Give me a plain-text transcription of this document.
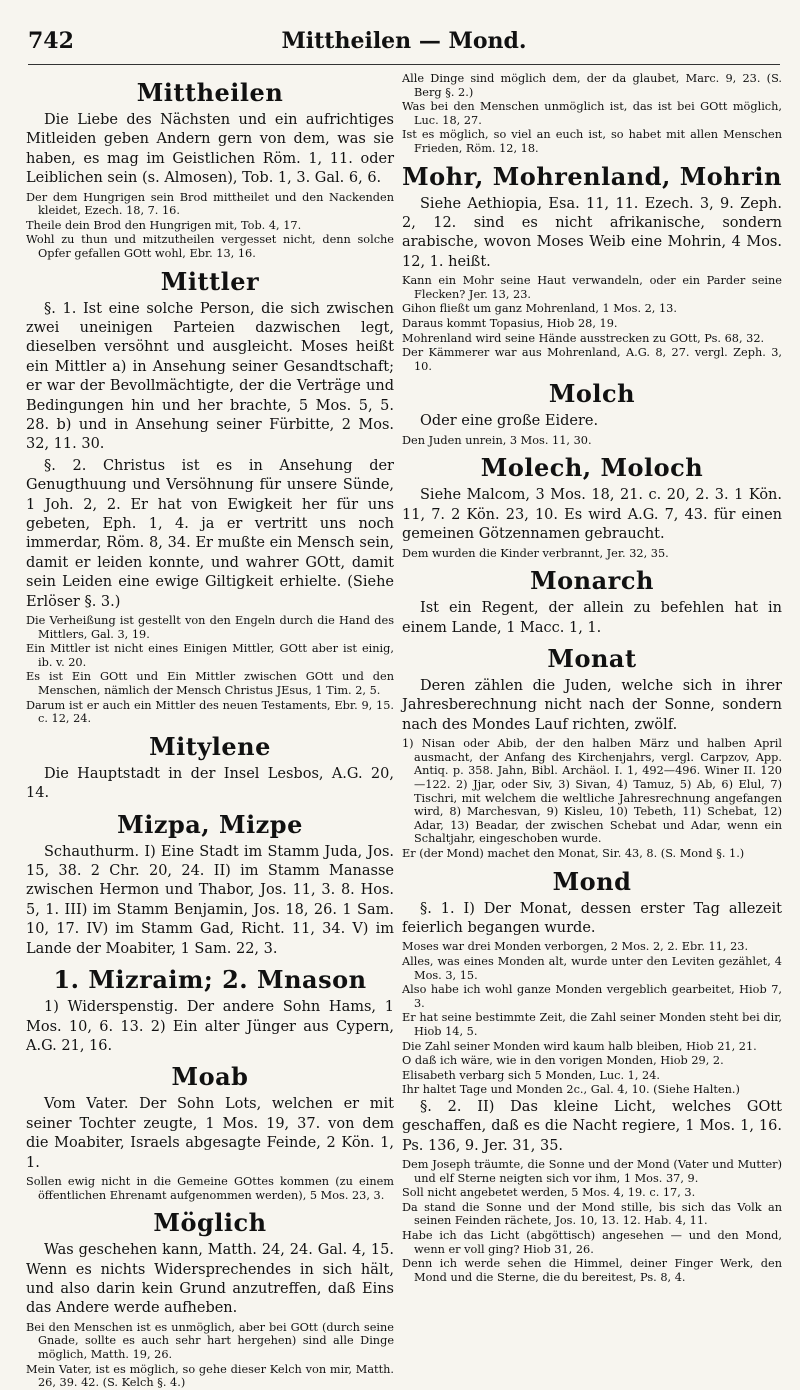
742	Mittheilen — Mond.
Mittheilen

Die Liebe des Nächsten und ein aufrichtiges Mitleiden geben Andern gern von dem, was sie haben, es mag im Geistlichen Röm. 1, 11. oder Leiblichen sein (s. Almosen), Tob. 1, 3. Gal. 6, 6.

Der dem Hungrigen sein Brod mittheilet und den Nackenden kleidet, Ezech. 18, 7. 16.

Theile dein Brod den Hungrigen mit, Tob. 4, 17.

Wohl zu thun und mitzutheilen vergesset nicht, denn solche Opfer gefallen GOtt wohl, Ebr. 13, 16.

Mittler

§. 1. Ist eine solche Person, die sich zwischen zwei uneinigen Parteien dazwischen legt, dieselben versöhnt und ausgleicht. Moses heißt ein Mittler a) in Ansehung seiner Gesandtschaft; er war der Bevollmächtigte, der die Verträge und Bedingungen hin und her brachte, 5 Mos. 5, 5. 28. b) und in Ansehung seiner Fürbitte, 2 Mos. 32, 11. 30.

§. 2. Christus ist es in Ansehung der Genugthuung und Versöhnung für unsere Sünde, 1 Joh. 2, 2. Er hat von Ewigkeit her für uns gebeten, Eph. 1, 4. ja er vertritt uns noch immerdar, Röm. 8, 34. Er mußte ein Mensch sein, damit er leiden konnte, und wahrer GOtt, damit sein Leiden eine ewige Giltigkeit erhielte. (Siehe Erlöser §. 3.)

Die Verheißung ist gestellt von den Engeln durch die Hand des Mittlers, Gal. 3, 19.

Ein Mittler ist nicht eines Einigen Mittler, GOtt aber ist einig, ib. v. 20.

Es ist Ein GOtt und Ein Mittler zwischen GOtt und den Menschen, nämlich der Mensch Christus JEsus, 1 Tim. 2, 5.

Darum ist er auch ein Mittler des neuen Testaments, Ebr. 9, 15. c. 12, 24.

Mitylene

Die Hauptstadt in der Insel Lesbos, A.G. 20, 14.

Mizpa, Mizpe

Schauthurm. I) Eine Stadt im Stamm Juda, Jos. 15, 38. 2 Chr. 20, 24. II) im Stamm Manasse zwischen Hermon und Thabor, Jos. 11, 3. 8. Hos. 5, 1. III) im Stamm Benjamin, Jos. 18, 26. 1 Sam. 10, 17. IV) im Stamm Gad, Richt. 11, 34. V) im Lande der Moabiter, 1 Sam. 22, 3.

1. Mizraim; 2. Mnason

1) Widerspenstig. Der andere Sohn Hams, 1 Mos. 10, 6. 13. 2) Ein alter Jünger aus Cypern, A.G. 21, 16.

Moab

Vom Vater. Der Sohn Lots, welchen er mit seiner Tochter zeugte, 1 Mos. 19, 37. von dem die Moabiter, Israels abgesagte Feinde, 2 Kön. 1, 1.

Sollen ewig nicht in die Gemeine GOttes kommen (zu einem öffentlichen Ehrenamt aufgenommen werden), 5 Mos. 23, 3.

Möglich

Was geschehen kann, Matth. 24, 24. Gal. 4, 15. Wenn es nichts Widersprechendes in sich hält, und also darin kein Grund anzutreffen, daß Eins das Andere werde aufheben.

Bei den Menschen ist es unmöglich, aber bei GOtt (durch seine Gnade, sollte es auch sehr hart hergehen) sind alle Dinge möglich, Matth. 19, 26.

Mein Vater, ist es möglich, so gehe dieser Kelch von mir, Matth. 26, 39. 42. (S. Kelch §. 4.)

Alle Dinge sind möglich dem, der da glaubet, Marc. 9, 23. (S. Berg §. 2.)

Was bei den Menschen unmöglich ist, das ist bei GOtt möglich, Luc. 18, 27.

Ist es möglich, so viel an euch ist, so habet mit allen Menschen Frieden, Röm. 12, 18.

Mohr, Mohrenland, Mohrin

Siehe Aethiopia, Esa. 11, 11. Ezech. 3, 9. Zeph. 2, 12. sind es nicht afrikanische, sondern arabische, wovon Moses Weib eine Mohrin, 4 Mos. 12, 1. heißt.

Kann ein Mohr seine Haut verwandeln, oder ein Parder seine Flecken? Jer. 13, 23.

Gihon fließt um ganz Mohrenland, 1 Mos. 2, 13.

Daraus kommt Topasius, Hiob 28, 19.

Mohrenland wird seine Hände ausstrecken zu GOtt, Ps. 68, 32.

Der Kämmerer war aus Mohrenland, A.G. 8, 27. vergl. Zeph. 3, 10.

Molch

Oder eine große Eidere.

Den Juden unrein, 3 Mos. 11, 30.

Molech, Moloch

Siehe Malcom, 3 Mos. 18, 21. c. 20, 2. 3. 1 Kön. 11, 7. 2 Kön. 23, 10. Es wird A.G. 7, 43. für einen gemeinen Götzennamen gebraucht.

Dem wurden die Kinder verbrannt, Jer. 32, 35.

Monarch

Ist ein Regent, der allein zu befehlen hat in einem Lande, 1 Macc. 1, 1.

Monat

Deren zählen die Juden, welche sich in ihrer Jahresberechnung nicht nach der Sonne, sondern nach des Mondes Lauf richten, zwölf.

1) Nisan oder Abib, der den halben März und halben April ausmacht, der Anfang des Kirchenjahrs, vergl. Carpzov, App. Antiq. p. 358. Jahn, Bibl. Archäol. I. 1, 492—496. Winer II. 120—122. 2) Jjar, oder Siv, 3) Sivan, 4) Tamuz, 5) Ab, 6) Elul, 7) Tischri, mit welchem die weltliche Jahresrechnung angefangen wird, 8) Marchesvan, 9) Kisleu, 10) Tebeth, 11) Schebat, 12) Adar, 13) Beadar, der zwischen Schebat und Adar, wenn ein Schaltjahr, eingeschoben wurde.

Er (der Mond) machet den Monat, Sir. 43, 8. (S. Mond §. 1.)

Mond

§. 1. I) Der Monat, dessen erster Tag allezeit feierlich begangen wurde.

Moses war drei Monden verborgen, 2 Mos. 2, 2. Ebr. 11, 23.

Alles, was eines Monden alt, wurde unter den Leviten gezählet, 4 Mos. 3, 15.

Also habe ich wohl ganze Monden vergeblich gearbeitet, Hiob 7, 3.

Er hat seine bestimmte Zeit, die Zahl seiner Monden steht bei dir, Hiob 14, 5.

Die Zahl seiner Monden wird kaum halb bleiben, Hiob 21, 21.

O daß ich wäre, wie in den vorigen Monden, Hiob 29, 2.

Elisabeth verbarg sich 5 Monden, Luc. 1, 24.

Ihr haltet Tage und Monden 2c., Gal. 4, 10. (Siehe Halten.)

§. 2. II) Das kleine Licht, welches GOtt geschaffen, daß es die Nacht regiere, 1 Mos. 1, 16. Ps. 136, 9. Jer. 31, 35.

Dem Joseph träumte, die Sonne und der Mond (Vater und Mutter) und elf Sterne neigten sich vor ihm, 1 Mos. 37, 9.

Soll nicht angebetet werden, 5 Mos. 4, 19. c. 17, 3.

Da stand die Sonne und der Mond stille, bis sich das Volk an seinen Feinden rächete, Jos. 10, 13. 12. Hab. 4, 11.

Habe ich das Licht (abgöttisch) angesehen — und den Mond, wenn er voll ging? Hiob 31, 26.

Denn ich werde sehen die Himmel, deiner Finger Werk, den Mond und die Sterne, die du bereitest, Ps. 8, 4.
